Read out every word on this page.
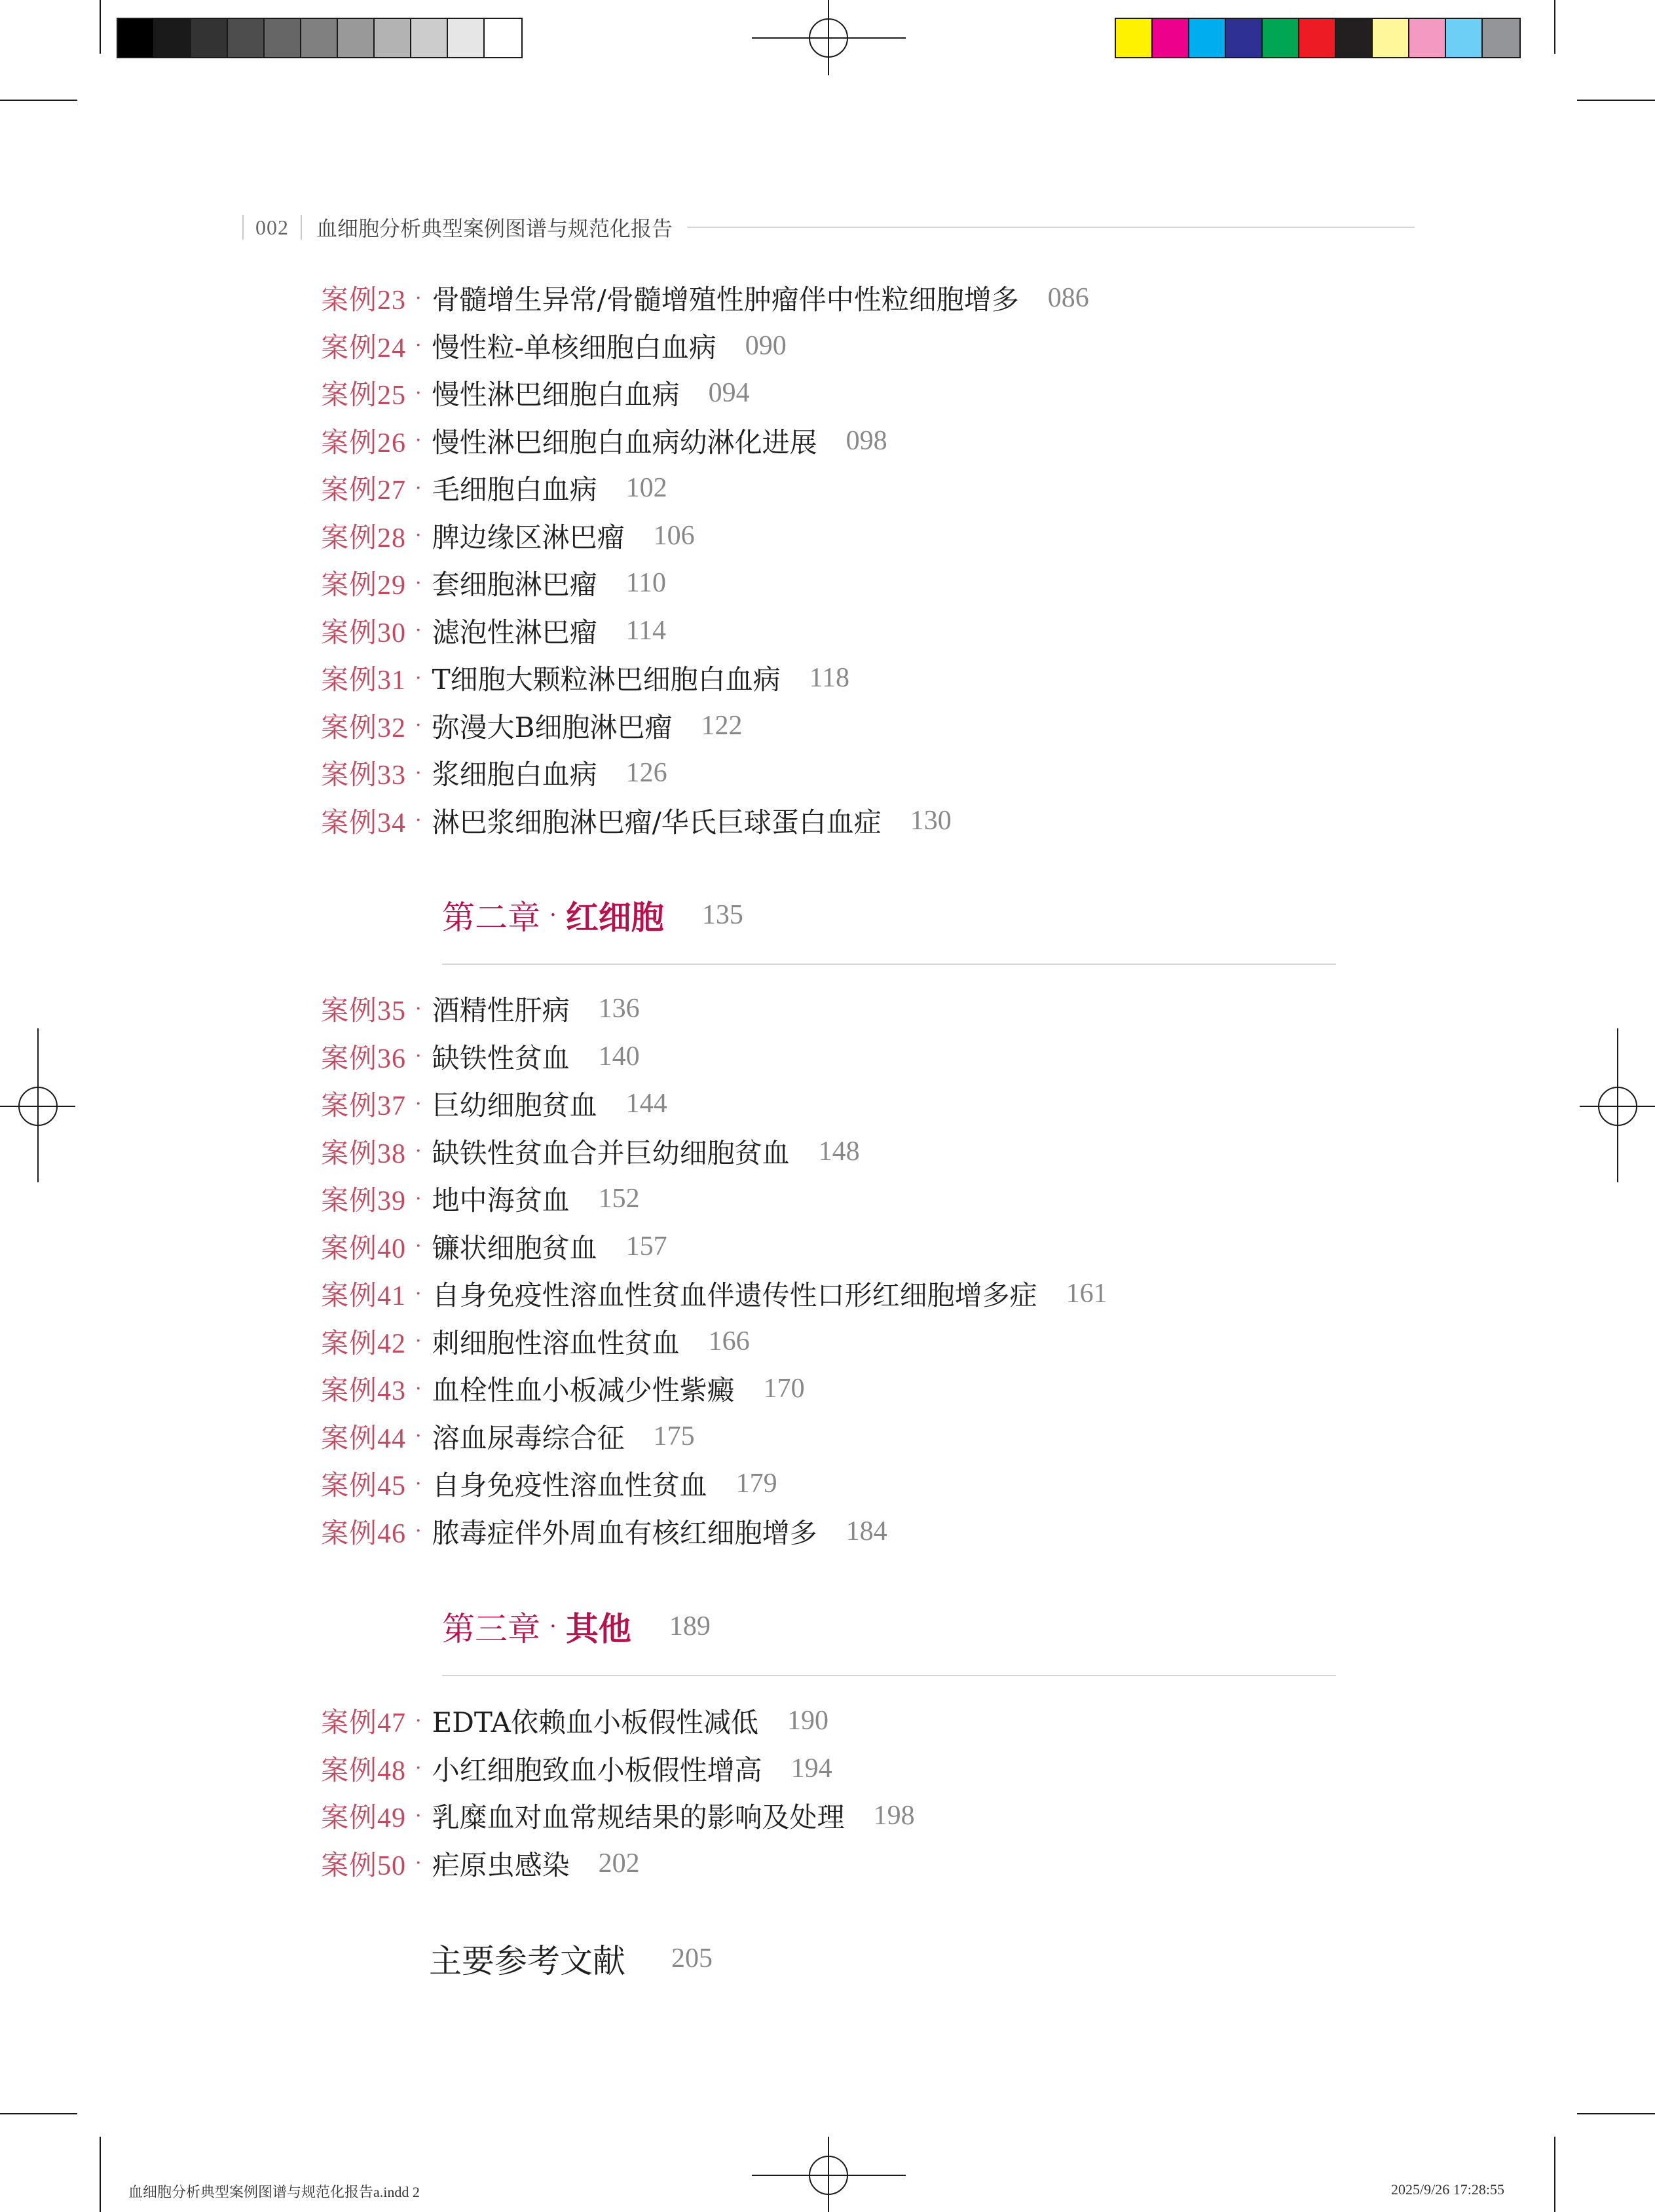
002 血细胞分析典型案例图谱与规范化报告
案例23 · 骨髓增生异常/骨髓增殖性肿瘤伴中性粒细胞增多 086
案例24 · 慢性粒-单核细胞白血病 090
案例25 · 慢性淋巴细胞白血病 094
案例26 · 慢性淋巴细胞白血病幼淋化进展 098
案例27 · 毛细胞白血病 102
案例28 · 脾边缘区淋巴瘤 106
案例29 · 套细胞淋巴瘤 110
案例30 · 滤泡性淋巴瘤 114
案例31 · T细胞大颗粒淋巴细胞白血病 118
案例32 · 弥漫大B细胞淋巴瘤 122
案例33 · 浆细胞白血病 126
案例34 · 淋巴浆细胞淋巴瘤/华氏巨球蛋白血症 130
第二章 · 红细胞 135
案例35 · 酒精性肝病 136
案例36 · 缺铁性贫血 140
案例37 · 巨幼细胞贫血 144
案例38 · 缺铁性贫血合并巨幼细胞贫血 148
案例39 · 地中海贫血 152
案例40 · 镰状细胞贫血 157
案例41 · 自身免疫性溶血性贫血伴遗传性口形红细胞增多症 161
案例42 · 刺细胞性溶血性贫血 166
案例43 · 血栓性血小板减少性紫癜 170
案例44 · 溶血尿毒综合征 175
案例45 · 自身免疫性溶血性贫血 179
案例46 · 脓毒症伴外周血有核红细胞增多 184
第三章 · 其他 189
案例47 · EDTA依赖血小板假性减低 190
案例48 · 小红细胞致血小板假性增高 194
案例49 · 乳糜血对血常规结果的影响及处理 198
案例50 · 疟原虫感染 202
主要参考文献 205
血细胞分析典型案例图谱与规范化报告a.indd 2	2025/9/26 17:28:55
